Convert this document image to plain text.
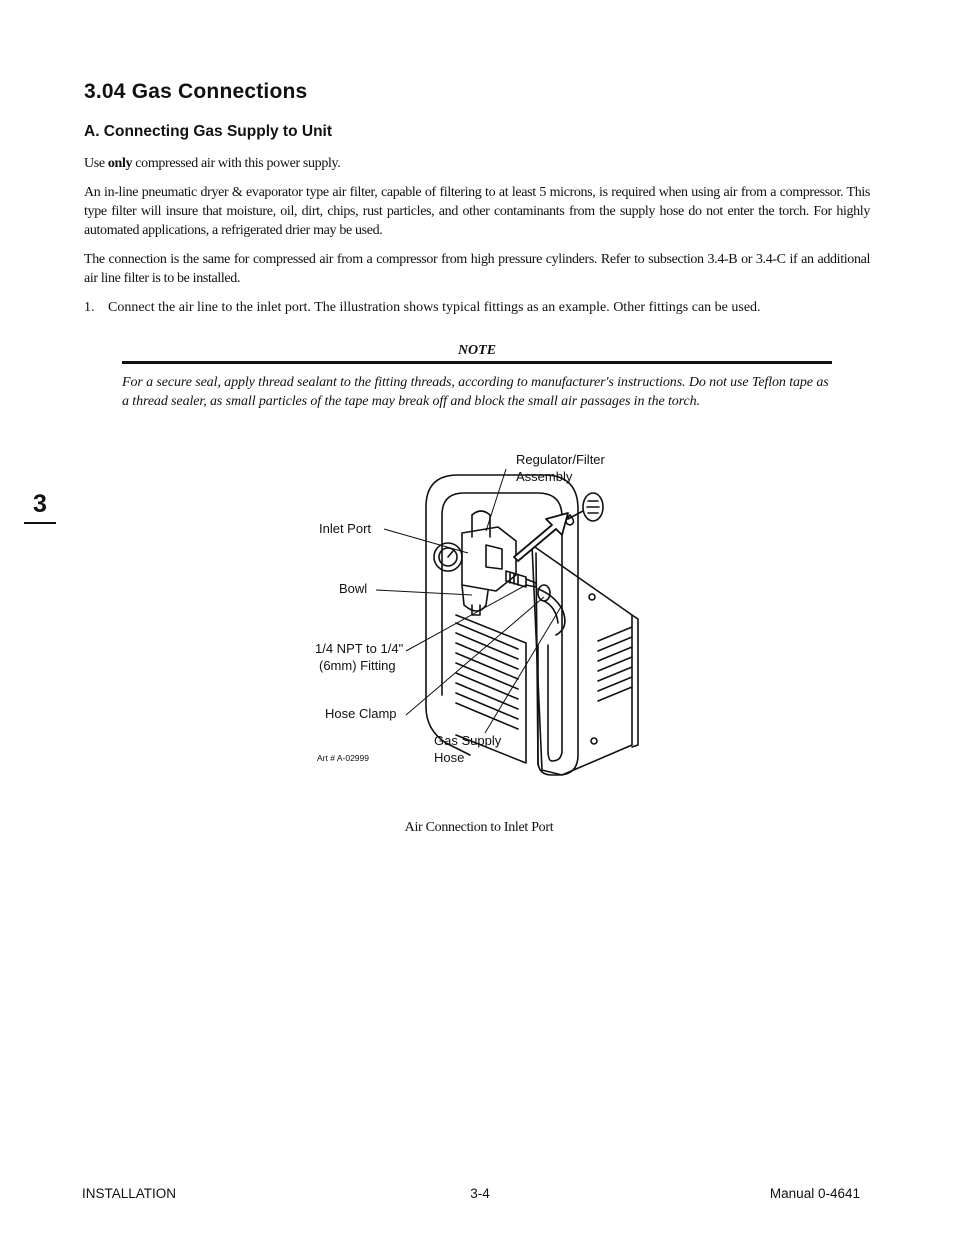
3.04 Gas Connections
A. Connecting Gas Supply to Unit

Use only compressed air with this power supply.

An in-line pneumatic dryer & evaporator type air filter, capable of filtering to at least 5 microns, is required when using air from a compressor. This type filter will insure that moisture, oil, dirt, chips, rust particles, and other contaminants from the supply hose do not enter the torch. For highly automated applications, a refrigerated drier may be used.

The connection is the same for compressed air from a compressor from high pressure cylinders. Refer to subsection 3.4-B or 3.4-C if an additional air line filter is to be installed.

1. Connect the air line to the inlet port. The illustration shows typical fittings as an example. Other fittings can be used.
NOTE

For a secure seal, apply thread sealant to the fitting threads, according to manufacturer's instructions. Do not use Teflon tape as a thread sealer, as small particles of the tape may break off and block the small air passages in the torch.

3
Regulator/Filter
Assembly
Inlet Port
Bowl
1/4 NPT to 1/4"
(6mm) Fitting
Hose Clamp
Gas Supply
Hose
Art # A-02999
Air Connection to Inlet Port
INSTALLATION	3-4	Manual 0-4641
